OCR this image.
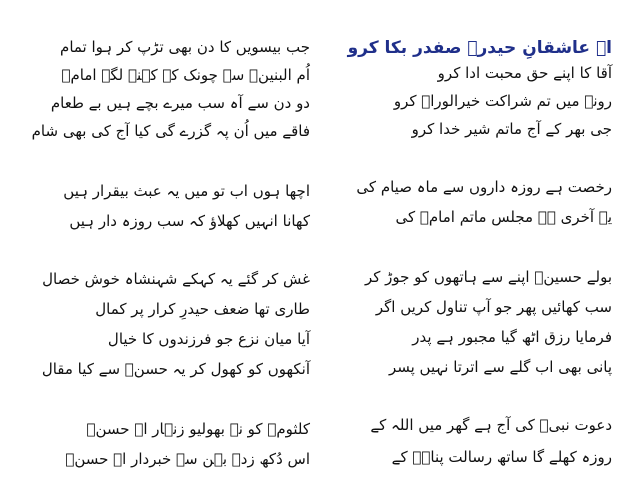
اے عاشقانِ حیدرؑ صفدر بکا کرو
آقا کا اپنے حق محبت ادا کرو
رونے میں تم شراکت خیرالوراؐ کرو
جی بھر کے آج ماتم شیر خدا کرو
رخصت ہے روزہ داروں سے ماہ صیام کی
یہ آخری ہے مجلس ماتم امامؑ کی
بولے حسینؑ اپنے سے ہاتھوں کو جوڑ کر
سب کھائیں پھر جو آپ تناول کریں اگر
فرمایا رزق اٹھ گیا مجبور ہے پدر
پانی بھی اب گلے سے اترتا نہیں پسر
دعوت نبیؐ کی آج ہے گھر میں اللہ کے
روزہ کھلے گا ساتھ رسالت پناہؐ کے
جب بیسویں کا دن بھی تڑپ کر ہوا تمام
اُم البنینؑ سے چونک کے کہنے لگے امامؑ
دو دن سے آہ سب میرے بچے ہیں بے طعام
فاقے میں اُن پہ گزرے گی کیا آج کی بھی شام
اچھا ہوں اب تو میں یہ عبث بیقرار ہیں
کھانا انہیں کھلاؤ کہ سب روزہ دار ہیں
غش کر گئے یہ کہکے شہنشاہ خوش خصال
طاری تھا ضعف حیدرِ کرار پر کمال
آیا میان نزع جو فرزندوں کا خیال
آنکھوں کو کھول کر یہ حسنؑ سے کیا مقال
کلثومؑ کو نہ بھولیو زنہار اے حسنؑ
اس دُکھ زدہ بہن سے خبردار اے حسنؑ
